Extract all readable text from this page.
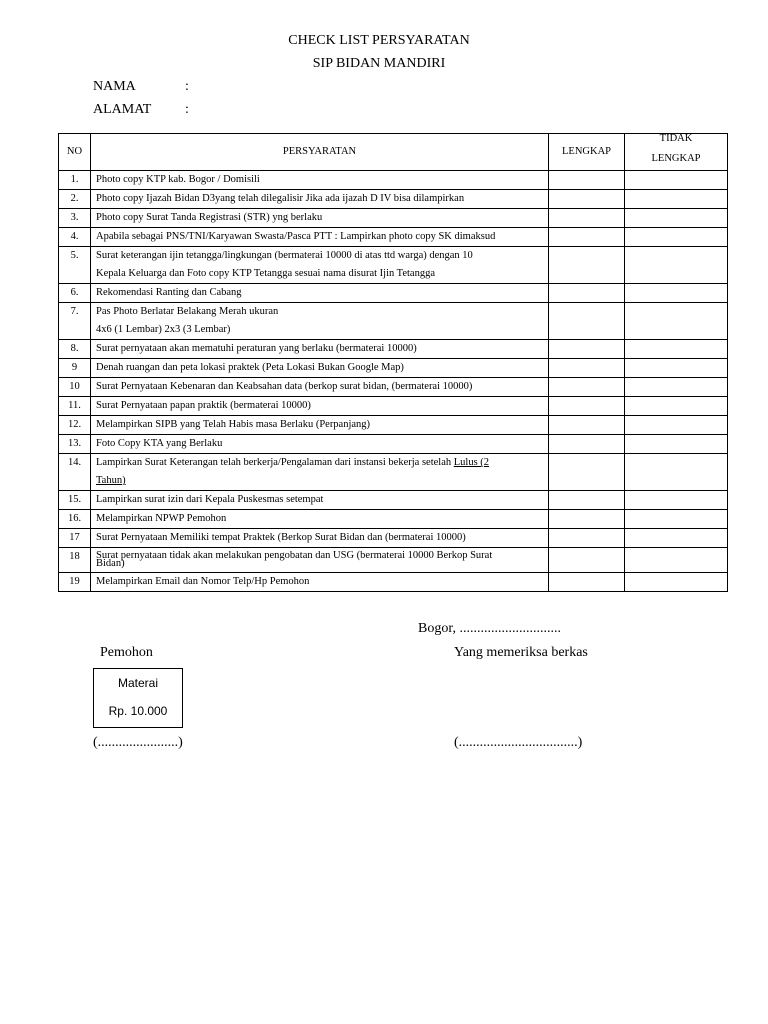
CHECK LIST PERSYARATAN
SIP BIDAN MANDIRI
NAMA	:
ALAMAT :
NO	PERSYARATAN	LENGKAP	TIDAK
LENGKAP

1.	Photo copy KTP kab. Bogor / Domisili		

2.	Photo copy Ijazah Bidan D3yang telah dilegalisir Jika ada ijazah D IV bisa dilampirkan		

3.	Photo copy Surat Tanda Registrasi (STR) yng berlaku		

4.	Apabila sebagai PNS/TNI/Karyawan Swasta/Pasca PTT : Lampirkan photo copy SK dimaksud		

5.	Surat keterangan ijin tetangga/lingkungan (bermaterai 10000 di atas ttd warga) dengan 10
Kepala Keluarga dan Foto copy KTP Tetangga sesuai nama disurat Ijin Tetangga		

6.	Rekomendasi Ranting dan Cabang		

7.	Pas Photo Berlatar Belakang Merah ukuran
4x6 (1 Lembar) 2x3 (3 Lembar)		

8.	Surat pernyataan akan mematuhi peraturan yang berlaku (bermaterai 10000)		

9	Denah ruangan dan peta lokasi praktek (Peta Lokasi Bukan Google Map)		

10	Surat Pernyataan Kebenaran dan Keabsahan data (berkop surat bidan, (bermaterai 10000)		

11.	Surat Pernyataan papan praktik (bermaterai 10000)		

12.	Melampirkan SIPB yang Telah Habis masa Berlaku (Perpanjang)		

13.	Foto Copy KTA yang Berlaku		

14.	Lampirkan Surat Keterangan telah berkerja/Pengalaman dari instansi bekerja setelah Lulus (2
Tahun)		

15.	Lampirkan surat izin dari Kepala Puskesmas setempat		

16.	Melampirkan NPWP Pemohon		

17	Surat Pernyataan Memiliki tempat Praktek (Berkop Surat Bidan dan (bermaterai 10000)		

18	Surat pernyataan tidak akan melakukan pengobatan dan USG (bermaterai 10000 Berkop Surat
Bidan)		

19	Melampirkan Email dan Nomor Telp/Hp Pemohon		

Bogor, .............................
Pemohon	Yang memeriksa berkas
Materai
Rp. 10.000
(.......................)	(..................................)
